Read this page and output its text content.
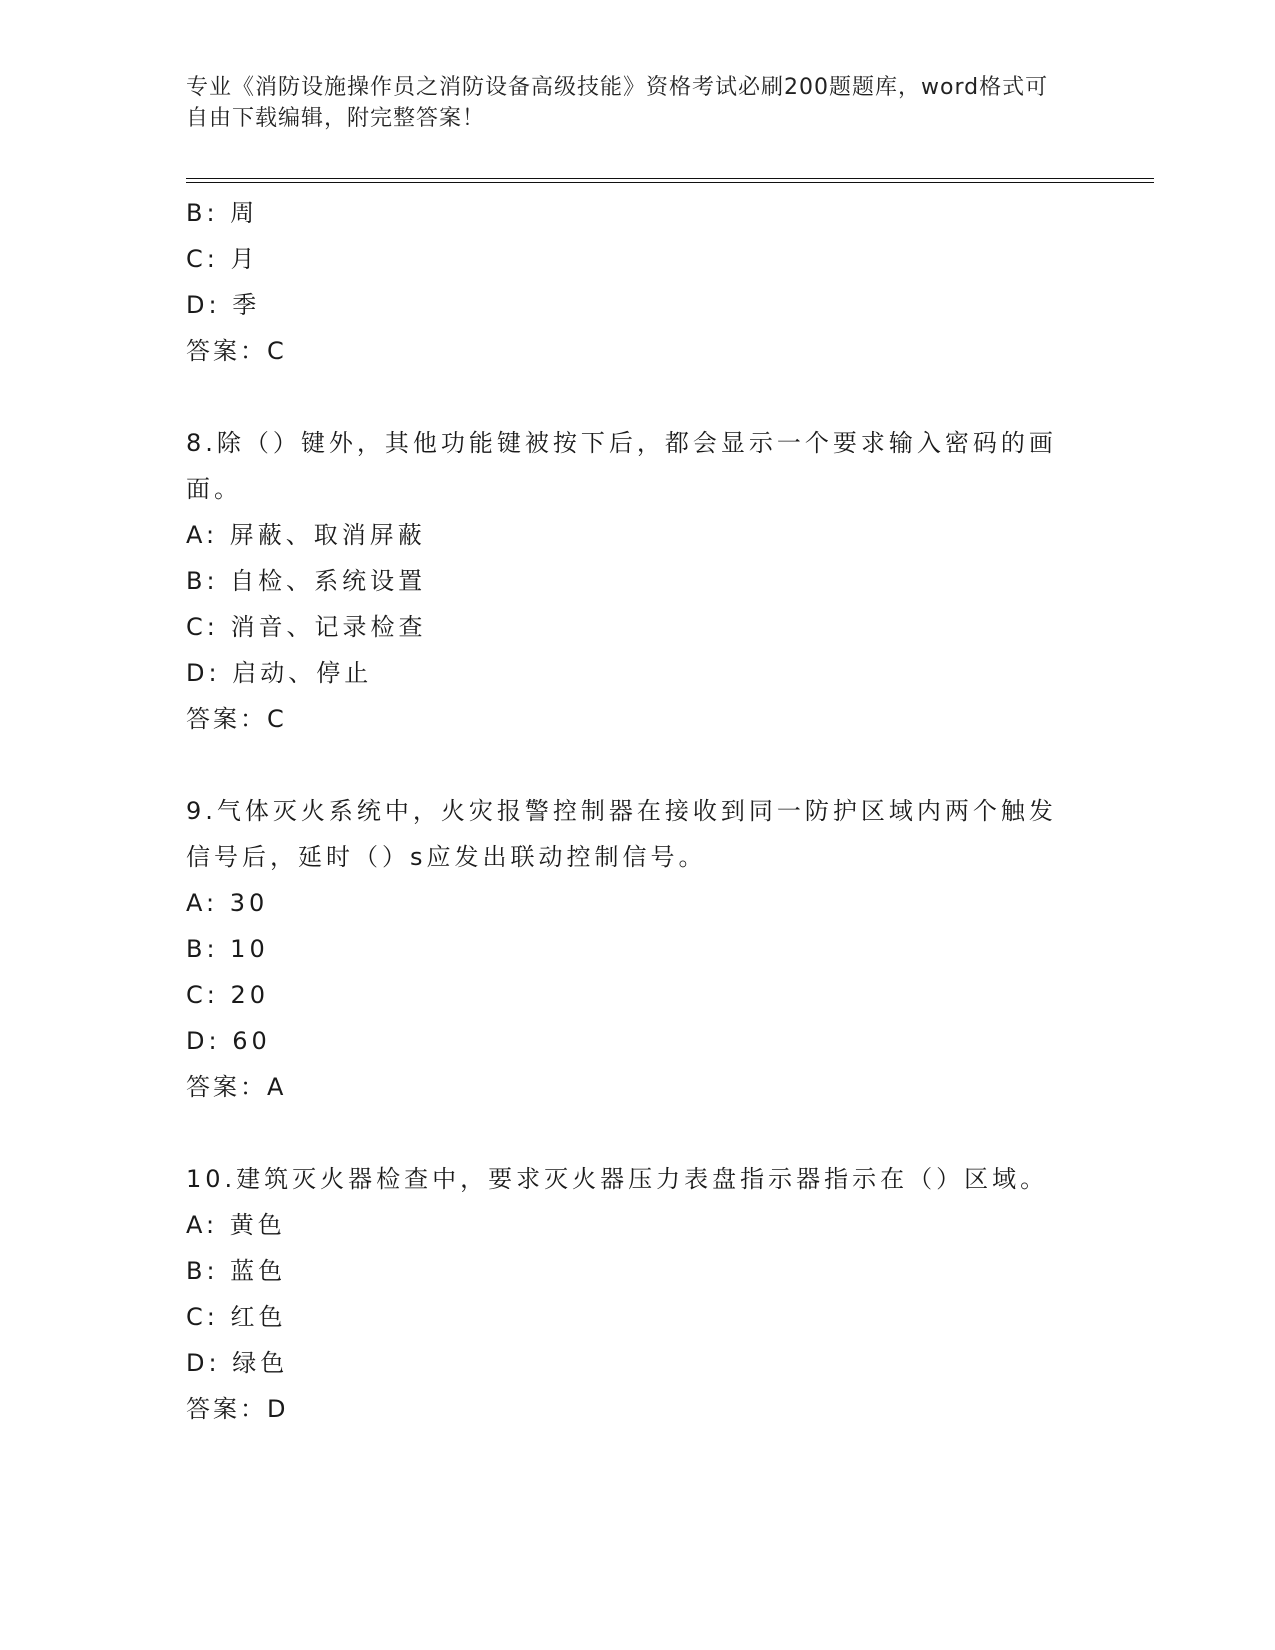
专业《消防设施操作员之消防设备高级技能》资格考试必刷200题题库，word格式可自由下载编辑，附完整答案！
B: 周
C: 月
D: 季
答案：C
8.除（）键外，其他功能键被按下后，都会显示一个要求输入密码的画面。
A: 屏蔽、取消屏蔽
B: 自检、系统设置
C: 消音、记录检查
D: 启动、停止
答案：C
9.气体灭火系统中，火灾报警控制器在接收到同一防护区域内两个触发信号后，延时（）s应发出联动控制信号。
A: 30
B: 10
C: 20
D: 60
答案：A
10.建筑灭火器检查中，要求灭火器压力表盘指示器指示在（）区域。
A: 黄色
B: 蓝色
C: 红色
D: 绿色
答案：D
